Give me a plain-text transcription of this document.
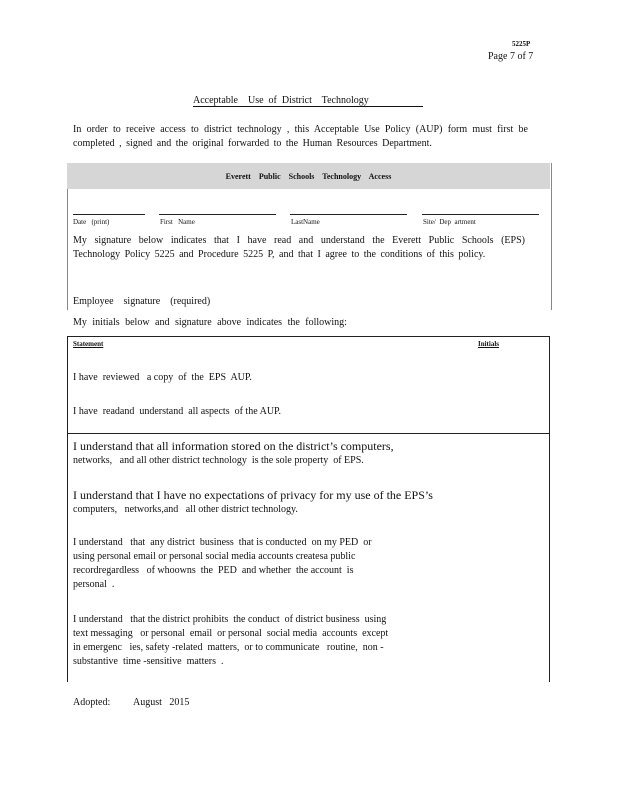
5225P
Page 7 of 7
Acceptable    Use  of  District    Technology
In order to receive access to district technology , this Acceptable Use Policy (AUP) form must first be completed , signed and the original forwarded to the Human Resources Department.
Everett    Public    Schools    Technology    Access
Date   (print)	First   Name	LastName	Site/  Dep  artment
My signature below indicates that I have read and understand the Everett Public Schools (EPS) Technology Policy 5225 and Procedure 5225 P, and that I agree to the conditions of this policy.
Employee    signature    (required)
My initials below and signature above indicates the following:
Statement	Initials
I have  reviewed   a copy  of  the  EPS  AUP.
I have  readand  understand  all aspects  of the AUP.
I understand that all information stored on the district’s computers,
networks,   and all other district technology  is the sole property  of EPS.
I understand that I have no expectations of privacy for my use of the EPS’s
computers,   networks,and   all other district technology.
I understand   that  any district  business  that is conducted  on my PED  or
using personal email or personal social media accounts createsa public
recordregardless   of whoowns  the  PED  and whether  the account  is
personal  .
I understand   that the district prohibits  the conduct  of district business  using
text messaging   or personal  email  or personal  social media  accounts  except
in emergenc   ies, safety -related  matters,  or to communicate   routine,  non -
substantive  time -sensitive  matters  .
Adopted: August   2015
